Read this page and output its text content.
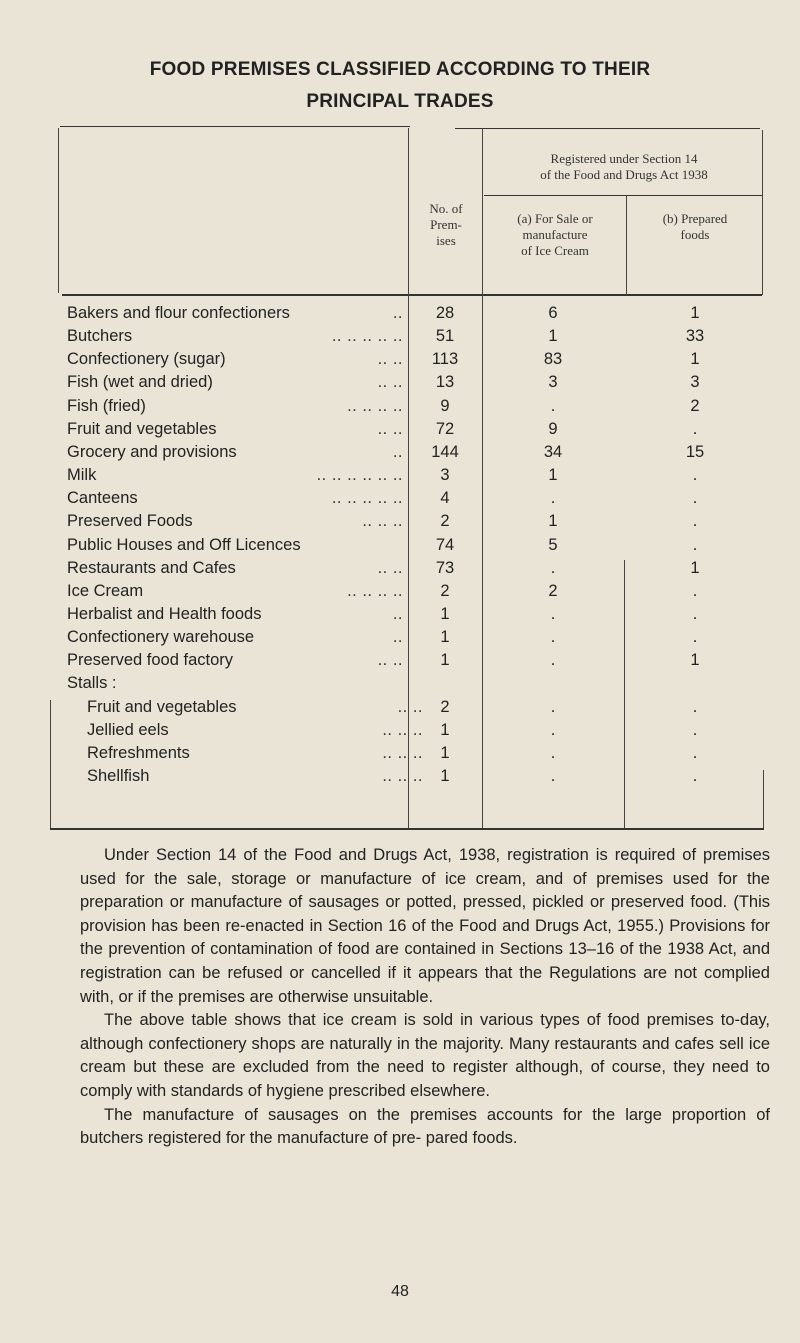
FOOD PREMISES CLASSIFIED ACCORDING TO THEIR
PRINCIPAL TRADES
No. of
Prem-
ises
Registered under Section 14
of the Food and Drugs Act 1938
(a) For Sale or
manufacture
of Ice Cream
(b) Prepared
foods
..
Bakers and flour confectioners	28	6	1
.. .. .. .. ..
Butchers	51	1	33
.. ..
Confectionery (sugar)	113	83	1
.. ..
Fish (wet and dried)	13	3	3
.. .. .. ..
Fish (fried)	9	.	2
.. ..
Fruit and vegetables	72	9	.
..
Grocery and provisions	144	34	15
.. .. .. .. .. ..
Milk	3	1	.
.. .. .. .. ..
Canteens	4	.	.
.. .. ..
Preserved Foods	2	1	.
Public Houses and Off Licences	74	5	.
.. ..
Restaurants and Cafes	73	.	1
.. .. .. ..
Ice Cream	2	2	.
..
Herbalist and Health foods	1	.	.
..
Confectionery warehouse	1	.	.
.. ..
Preserved food factory	1	.	1
Stalls :
.. ..
Fruit and vegetables	2	.	.
.. .. ..
Jellied eels	1	.	.
.. .. ..
Refreshments	1	.	.
.. .. ..
Shellfish	1	.	.

Under Section 14 of the Food and Drugs Act, 1938, registration is required of premises used for the sale, storage or manufacture of ice cream, and of premises used for the preparation or manufacture of sausages or potted, pressed, pickled or preserved food. (This provision has been re-enacted in Section 16 of the Food and Drugs Act, 1955.) Provisions for the prevention of contamination of food are contained in Sections 13–16 of the 1938 Act, and registration can be refused or cancelled if it appears that the Regulations are not complied with, or if the premises are otherwise unsuitable.

The above table shows that ice cream is sold in various types of food premises to-day, although confectionery shops are naturally in the majority. Many restaurants and cafes sell ice cream but these are excluded from the need to register although, of course, they need to comply with standards of hygiene prescribed elsewhere.

The manufacture of sausages on the premises accounts for the large proportion of butchers registered for the manufacture of pre- pared foods.

48
